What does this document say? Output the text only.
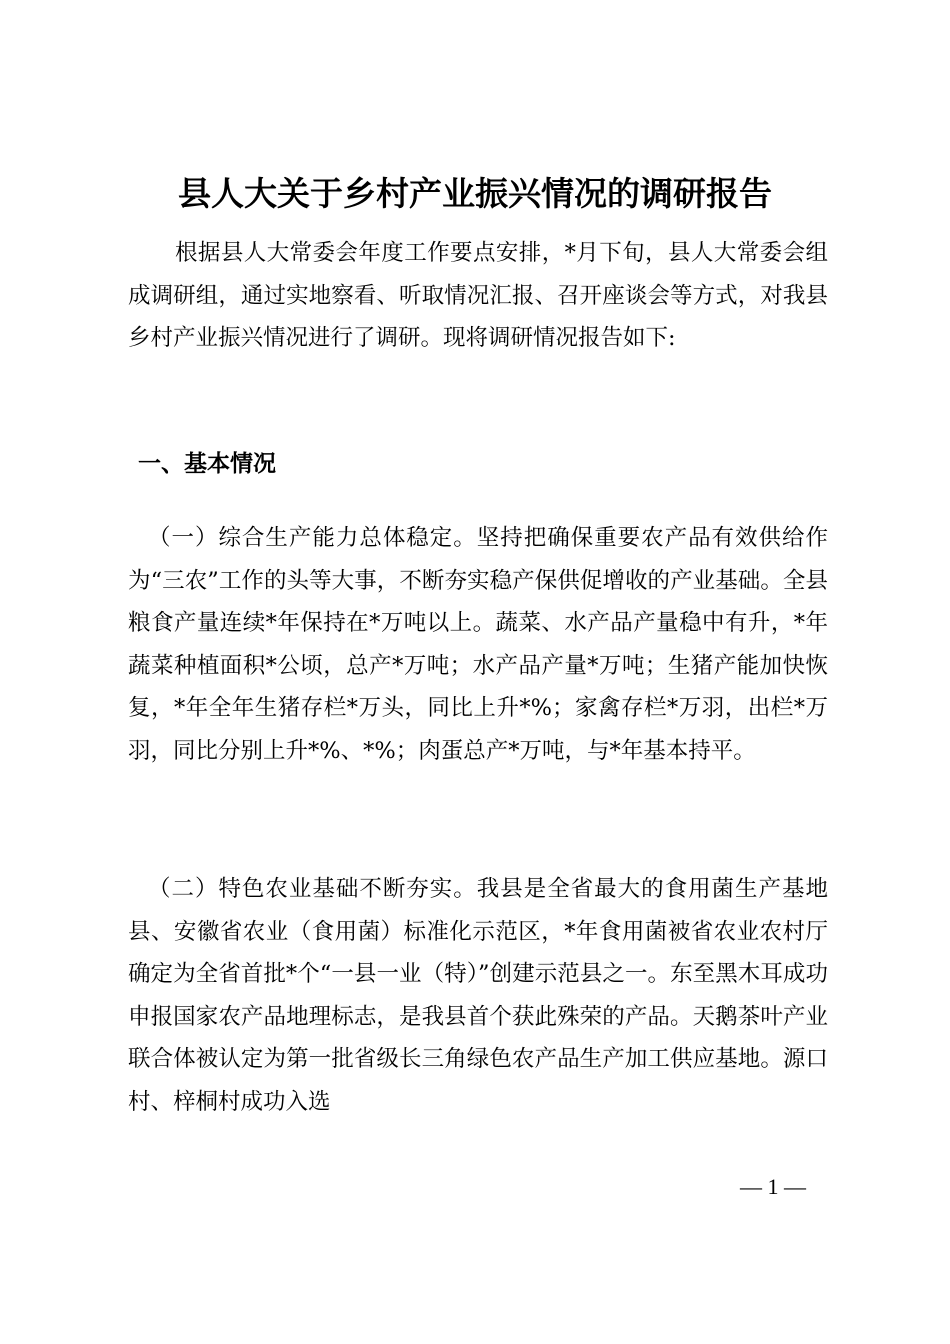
县人大关于乡村产业振兴情况的调研报告

根据县人大常委会年度工作要点安排，*月下旬，县人大常委会组成调研组，通过实地察看、听取情况汇报、召开座谈会等方式，对我县乡村产业振兴情况进行了调研。现将调研情况报告如下:

一、基本情况

（一）综合生产能力总体稳定。坚持把确保重要农产品有效供给作为“三农”工作的头等大事，不断夯实稳产保供促增收的产业基础。全县粮食产量连续*年保持在*万吨以上。蔬菜、水产品产量稳中有升，*年蔬菜种植面积*公顷，总产*万吨；水产品产量*万吨；生猪产能加快恢复，*年全年生猪存栏*万头，同比上升*%；家禽存栏*万羽，出栏*万羽，同比分别上升*%、*%；肉蛋总产*万吨，与*年基本持平。

（二）特色农业基础不断夯实。我县是全省最大的食用菌生产基地县、安徽省农业（食用菌）标准化示范区，*年食用菌被省农业农村厅确定为全省首批*个“一县一业（特）”创建示范县之一。东至黑木耳成功申报国家农产品地理标志，是我县首个获此殊荣的产品。天鹅茶叶产业联合体被认定为第一批省级长三角绿色农产品生产加工供应基地。源口村、梓桐村成功入选

— 1 —
